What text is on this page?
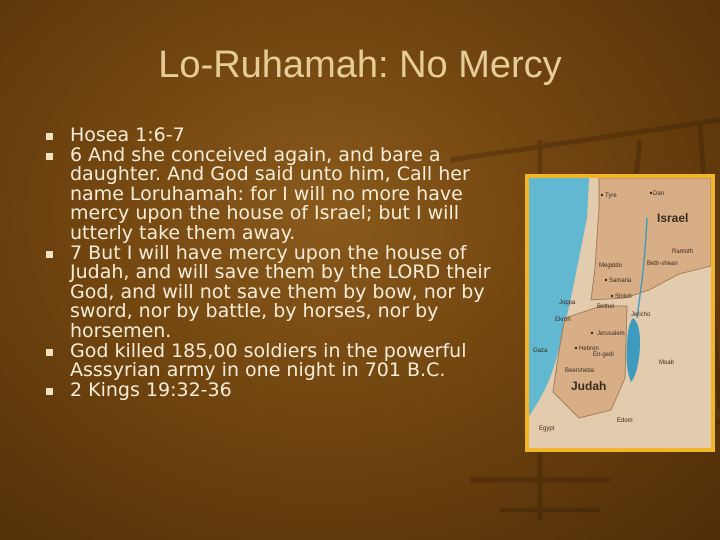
Lo-Ruhamah: No Mercy
Hosea 1:6-7
6 And she conceived again, and bare a daughter. And God said unto him, Call her name Loruhamah: for I will no more have mercy upon the house of Israel; but I will utterly take them away.
7 But I will have mercy upon the house of Judah, and will save them by the LORD their God, and will not save them by bow, nor by sword, nor by battle, by horses, nor by horsemen.
God killed 185,00 soldiers in the powerful Asssyrian army in one night in 701 B.C.
2 Kings 19:32-36
Israel
Judah
Tyre	Dan
Megiddo	Beth-shean
Ramoth
Samaria
Shiloh
Joppa
Bethel
Jericho
Ekron
Jerusalem
Gaza	Hebron
En-gedi
Beersheba
Moab
Edom
Egypt
